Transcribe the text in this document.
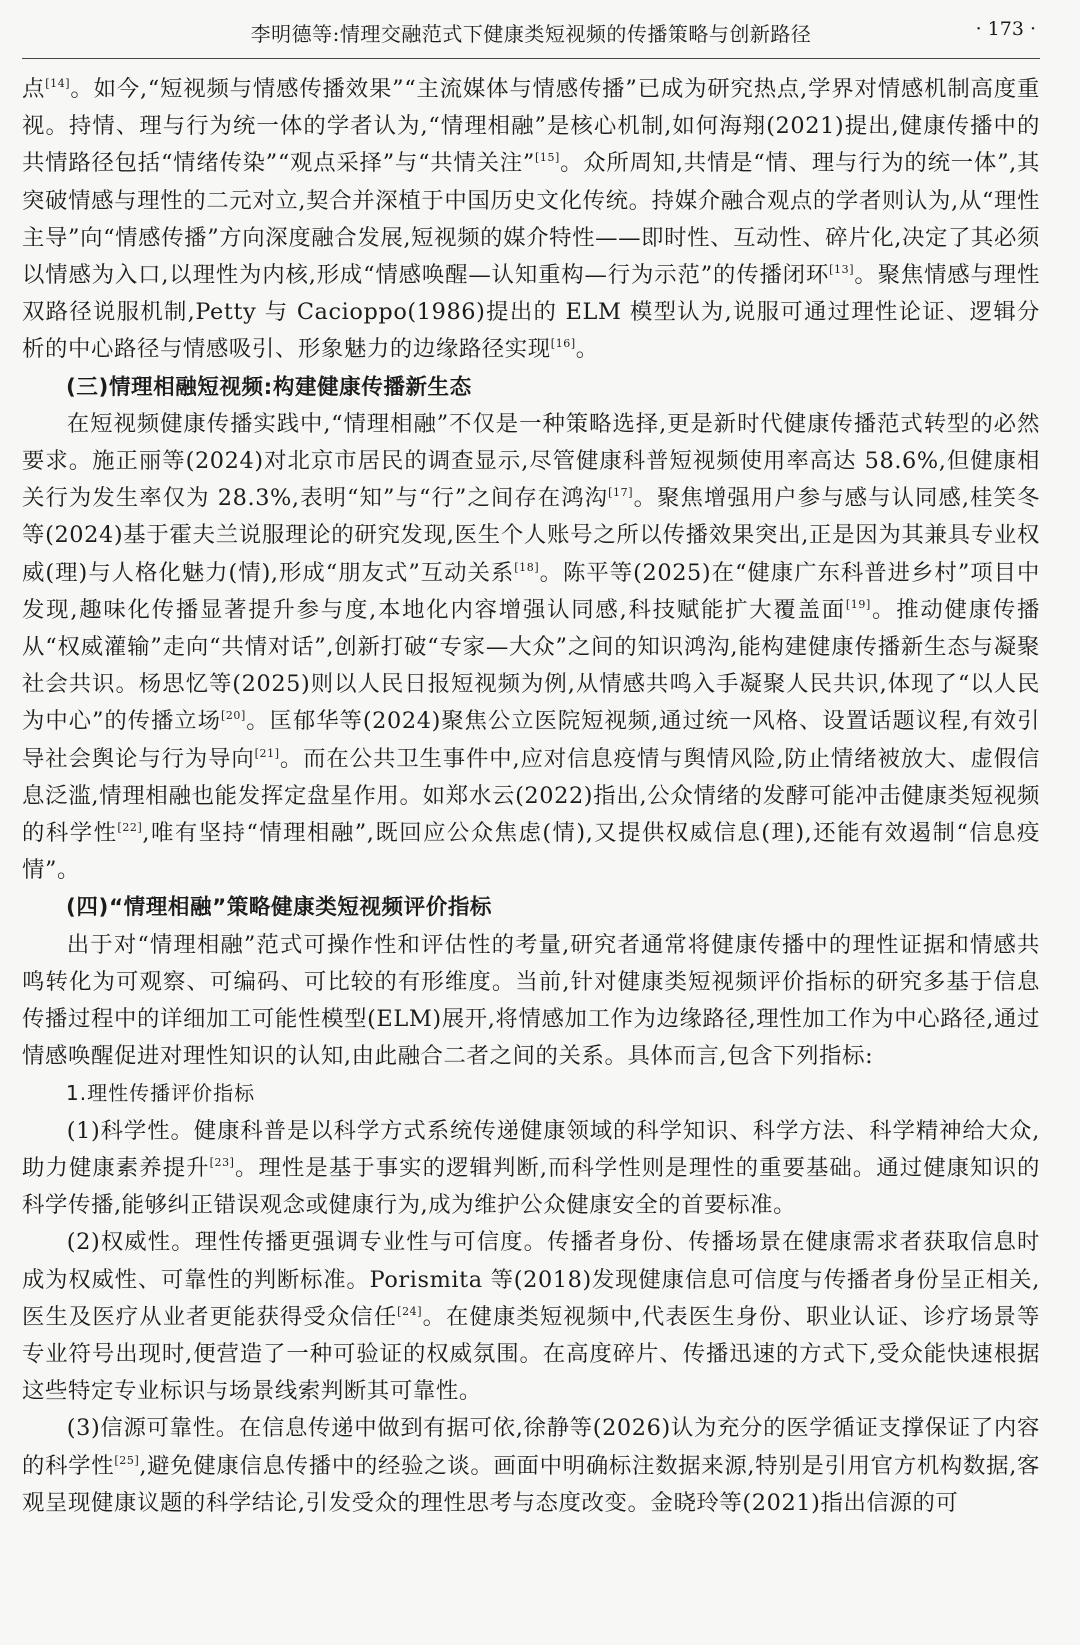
李明德等:情理交融范式下健康类短视频的传播策略与创新路径	· 173 ·

点[14]。如今,“短视频与情感传播效果”“主流媒体与情感传播”已成为研究热点,学界对情感机制高度重视。持情、理与行为统一体的学者认为,“情理相融”是核心机制,如何海翔(2021)提出,健康传播中的共情路径包括“情绪传染”“观点采择”与“共情关注”[15]。众所周知,共情是“情、理与行为的统一体”,其突破情感与理性的二元对立,契合并深植于中国历史文化传统。持媒介融合观点的学者则认为,从“理性主导”向“情感传播”方向深度融合发展,短视频的媒介特性——即时性、互动性、碎片化,决定了其必须以情感为入口,以理性为内核,形成“情感唤醒—认知重构—行为示范”的传播闭环[13]。聚焦情感与理性双路径说服机制,Petty 与 Cacioppo(1986)提出的 ELM 模型认为,说服可通过理性论证、逻辑分析的中心路径与情感吸引、形象魅力的边缘路径实现[16]。

(三)情理相融短视频:构建健康传播新生态

在短视频健康传播实践中,“情理相融”不仅是一种策略选择,更是新时代健康传播范式转型的必然要求。施正丽等(2024)对北京市居民的调查显示,尽管健康科普短视频使用率高达 58.6%,但健康相关行为发生率仅为 28.3%,表明“知”与“行”之间存在鸿沟[17]。聚焦增强用户参与感与认同感,桂笑冬等(2024)基于霍夫兰说服理论的研究发现,医生个人账号之所以传播效果突出,正是因为其兼具专业权威(理)与人格化魅力(情),形成“朋友式”互动关系[18]。陈平等(2025)在“健康广东科普进乡村”项目中发现,趣味化传播显著提升参与度,本地化内容增强认同感,科技赋能扩大覆盖面[19]。推动健康传播从“权威灌输”走向“共情对话”,创新打破“专家—大众”之间的知识鸿沟,能构建健康传播新生态与凝聚社会共识。杨思忆等(2025)则以人民日报短视频为例,从情感共鸣入手凝聚人民共识,体现了“以人民为中心”的传播立场[20]。匡郁华等(2024)聚焦公立医院短视频,通过统一风格、设置话题议程,有效引导社会舆论与行为导向[21]。而在公共卫生事件中,应对信息疫情与舆情风险,防止情绪被放大、虚假信息泛滥,情理相融也能发挥定盘星作用。如郑水云(2022)指出,公众情绪的发酵可能冲击健康类短视频的科学性[22],唯有坚持“情理相融”,既回应公众焦虑(情),又提供权威信息(理),还能有效遏制“信息疫情”。

(四)“情理相融”策略健康类短视频评价指标

出于对“情理相融”范式可操作性和评估性的考量,研究者通常将健康传播中的理性证据和情感共鸣转化为可观察、可编码、可比较的有形维度。当前,针对健康类短视频评价指标的研究多基于信息传播过程中的详细加工可能性模型(ELM)展开,将情感加工作为边缘路径,理性加工作为中心路径,通过情感唤醒促进对理性知识的认知,由此融合二者之间的关系。具体而言,包含下列指标:

1.理性传播评价指标

(1)科学性。健康科普是以科学方式系统传递健康领域的科学知识、科学方法、科学精神给大众,助力健康素养提升[23]。理性是基于事实的逻辑判断,而科学性则是理性的重要基础。通过健康知识的科学传播,能够纠正错误观念或健康行为,成为维护公众健康安全的首要标准。

(2)权威性。理性传播更强调专业性与可信度。传播者身份、传播场景在健康需求者获取信息时成为权威性、可靠性的判断标准。Porismita 等(2018)发现健康信息可信度与传播者身份呈正相关,医生及医疗从业者更能获得受众信任[24]。在健康类短视频中,代表医生身份、职业认证、诊疗场景等专业符号出现时,便营造了一种可验证的权威氛围。在高度碎片、传播迅速的方式下,受众能快速根据这些特定专业标识与场景线索判断其可靠性。

(3)信源可靠性。在信息传递中做到有据可依,徐静等(2026)认为充分的医学循证支撑保证了内容的科学性[25],避免健康信息传播中的经验之谈。画面中明确标注数据来源,特别是引用官方机构数据,客观呈现健康议题的科学结论,引发受众的理性思考与态度改变。金晓玲等(2021)指出信源的可
